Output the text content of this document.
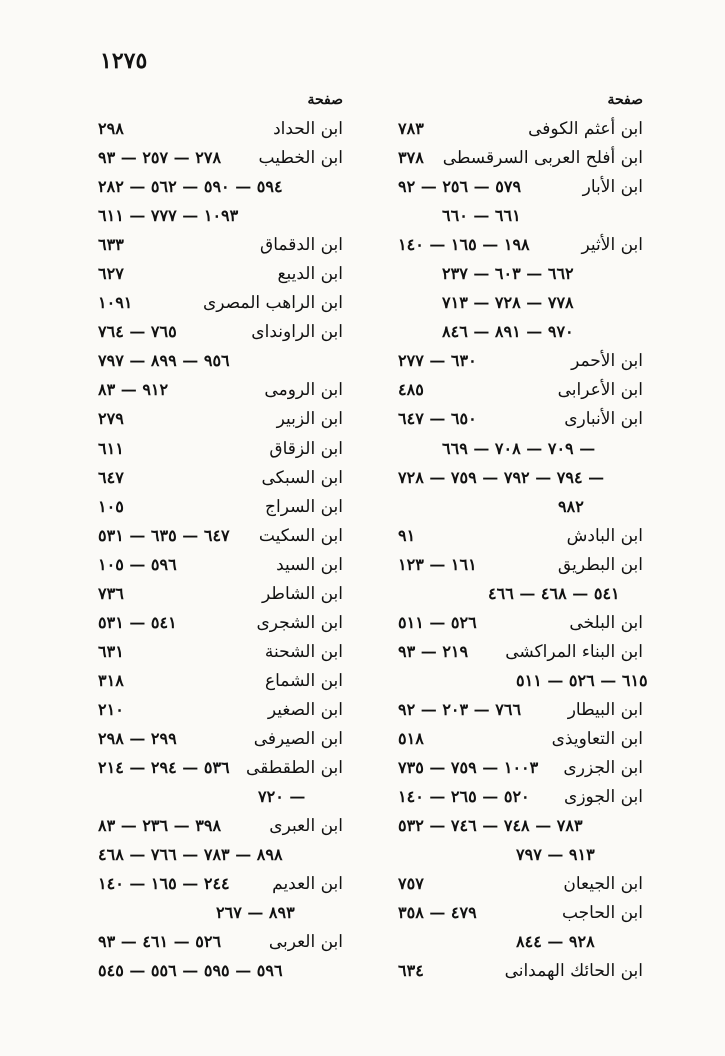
١٢٧٥
صفحة
ابن أعثم الكوفى
٧٨٣
ابن أفلح العربى السرقسطى
٣٧٨
ابن الأبار
٥٧٩ — ٢٥٦ — ٩٢
٦٦١ — ٦٦٠
ابن الأثير
١٩٨ — ١٦٥ — ١٤٠
٦٦٢ — ٦٠٣ — ٢٣٧
٧٧٨ — ٧٢٨ — ٧١٣
٩٧٠ — ٨٩١ — ٨٤٦
ابن الأحمر
٦٣٠ — ٢٧٧
ابن الأعرابى
٤٨٥
ابن الأنبارى
٦٥٠ — ٦٤٧
٧٠٩ — ٧٠٨ — ٦٦٩ —
٧٩٤ — ٧٩٢ — ٧٥٩ — ٧٢٨ —
٩٨٢
ابن البادش
٩١
ابن البطريق
١٦١ — ١٢٣
٥٤١ — ٤٦٨ — ٤٦٦
ابن البلخى
٥٢٦ — ٥١١
ابن البناء المراكشى
٢١٩ — ٩٣
٦١٥ — ٥٢٦ — ٥١١
ابن البيطار
٧٦٦ — ٢٠٣ — ٩٢
ابن التعاويذى
٥١٨
ابن الجزرى
١٠٠٣ — ٧٥٩ — ٧٣٥
ابن الجوزى
٥٢٠ — ٢٦٥ — ١٤٠
٧٨٣ — ٧٤٨ — ٧٤٦ — ٥٣٢
٩١٣ — ٧٩٧
ابن الجيعان
٧٥٧
ابن الحاجب
٤٧٩ — ٣٥٨
٩٢٨ — ٨٤٤
ابن الحائك الهمدانى
٦٣٤
صفحة
ابن الحداد
٢٩٨
ابن الخطيب
٢٧٨ — ٢٥٧ — ٩٣
٥٩٤ — ٥٩٠ — ٥٦٢ — ٢٨٢
١٠٩٣ — ٧٧٧ — ٦١١
ابن الدقماق
٦٣٣
ابن الديبع
٦٢٧
ابن الراهب المصرى
١٠٩١
ابن الراونداى
٧٦٥ — ٧٦٤
٩٥٦ — ٨٩٩ — ٧٩٧
ابن الرومى
٩١٢ — ٨٣
ابن الزبير
٢٧٩
ابن الزقاق
٦١١
ابن السبكى
٦٤٧
ابن السراج
١٠٥
ابن السكيت
٦٤٧ — ٦٣٥ — ٥٣١
ابن السيد
٥٩٦ — ١٠٥
ابن الشاطر
٧٣٦
ابن الشجرى
٥٤١ — ٥٣١
ابن الشحنة
٦٣١
ابن الشماع
٣١٨
ابن الصغير
٢١٠
ابن الصيرفى
٢٩٩ — ٢٩٨
ابن الطقطقى
٥٣٦ — ٢٩٤ — ٢١٤
٧٢٠ —
ابن العبرى
٣٩٨ — ٢٣٦ — ٨٣
٨٩٨ — ٧٨٣ — ٧٦٦ — ٤٦٨
ابن العديم
٢٤٤ — ١٦٥ — ١٤٠
٨٩٣ — ٢٦٧
ابن العربى
٥٢٦ — ٤٦١ — ٩٣
٥٩٦ — ٥٩٥ — ٥٥٦ — ٥٤٥
